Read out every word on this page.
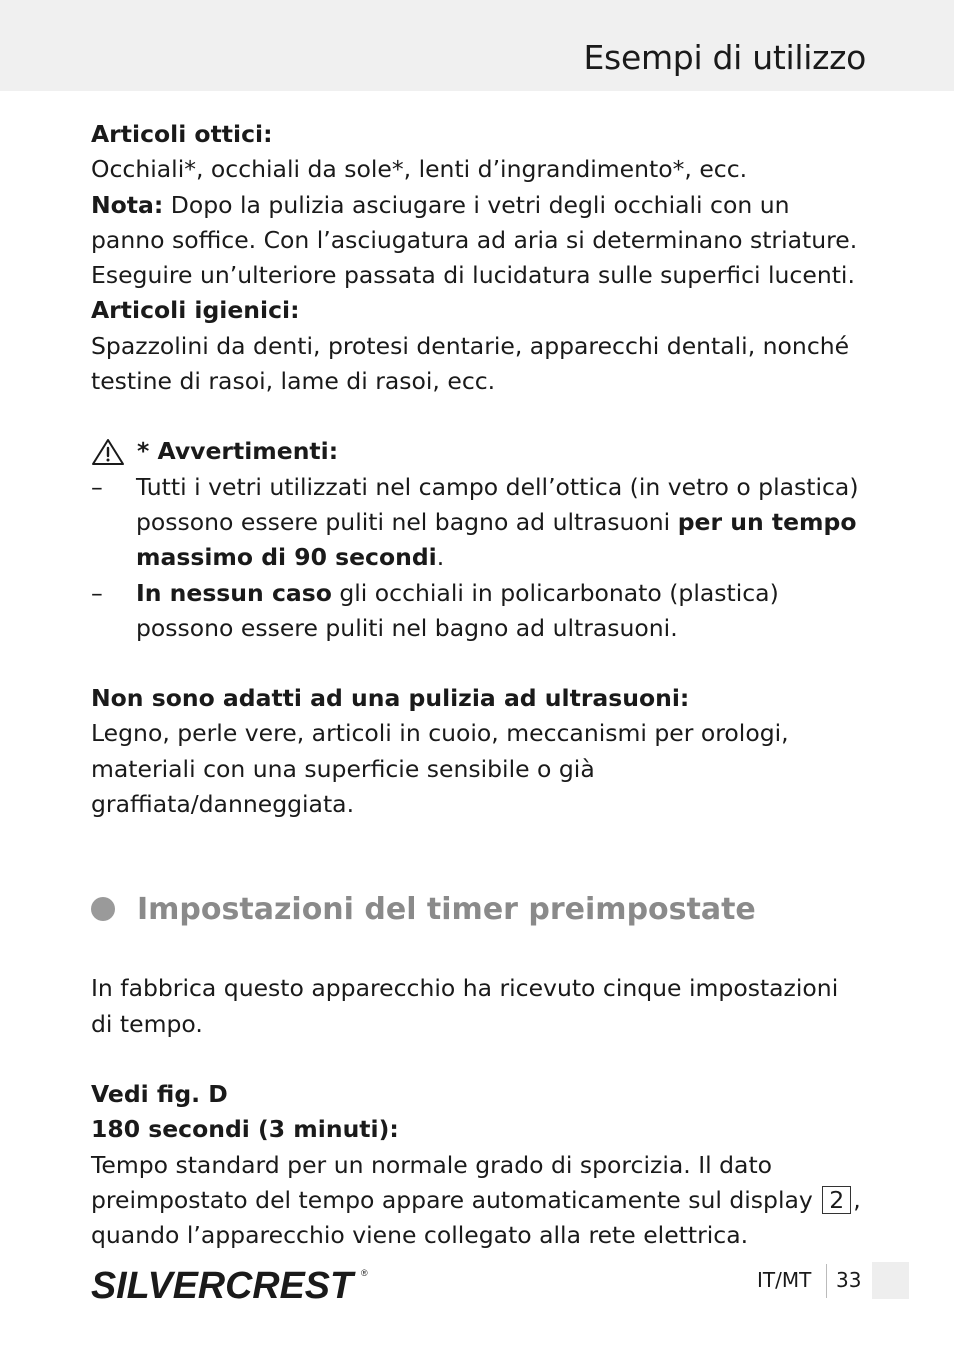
Esempi di utilizzo

Articoli ottici:

Occhiali*, occhiali da sole*, lenti d’ingrandimento*, ecc.

Nota: Dopo la pulizia asciugare i vetri degli occhiali con un panno soffice. Con l’asciugatura ad aria si determinano striature.

Eseguire un’ulteriore passata di lucidatura sulle superfici lucenti.

Articoli igienici:

Spazzolini da denti, protesi dentarie, apparecchi dentali, nonché testine di rasoi, lame di rasoi, ecc.

* Avvertimenti:
– Tutti i vetri utilizzati nel campo dell’ottica (in vetro o plastica) possono essere puliti nel bagno ad ultrasuoni per un tempo massimo di 90 secondi.
– In nessun caso gli occhiali in policarbonato (plastica) possono essere puliti nel bagno ad ultrasuoni.

Non sono adatti ad una pulizia ad ultrasuoni:

Legno, perle vere, articoli in cuoio, meccanismi per orologi, materiali con una superficie sensibile o già graffiata/danneggiata.

Impostazioni del timer preimpostate

In fabbrica questo apparecchio ha ricevuto cinque impostazioni di tempo.

Vedi fig. D

180 secondi (3 minuti):

Tempo standard per un normale grado di sporcizia. Il dato preimpostato del tempo appare automaticamente sul display 2 , quando l’apparecchio viene collegato alla rete elettrica.

SILVERCREST ®	IT/MT 33
